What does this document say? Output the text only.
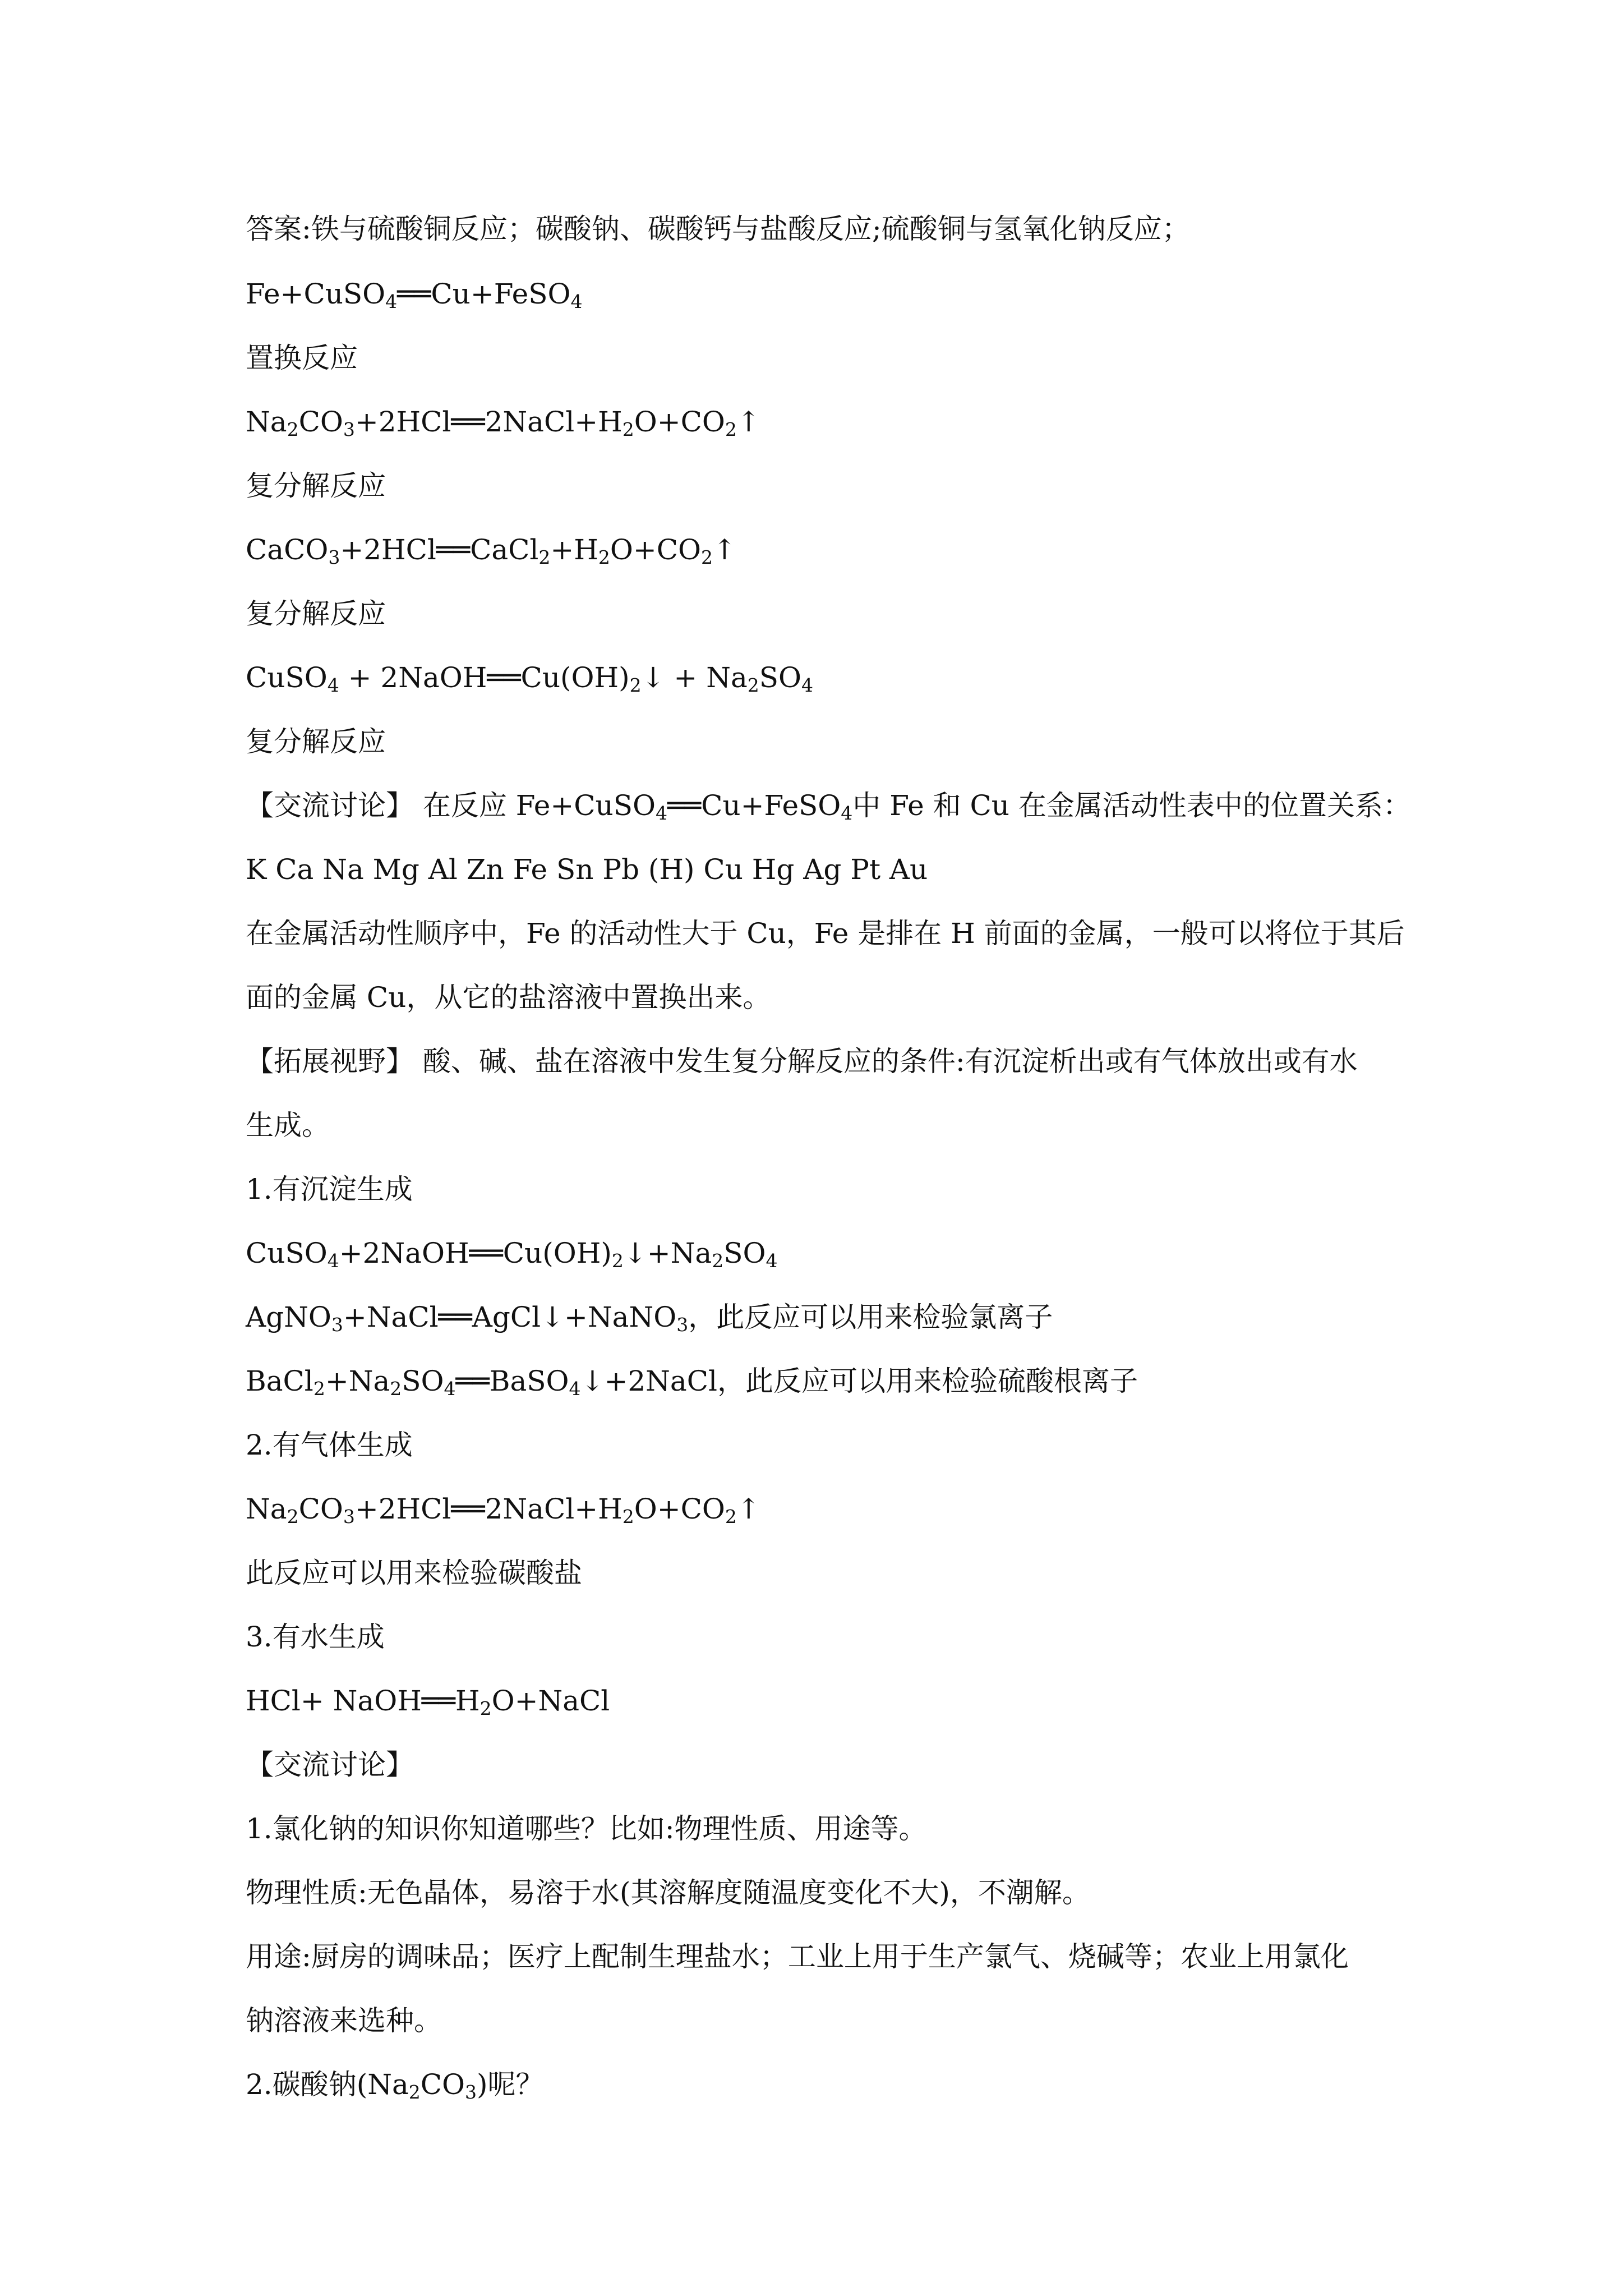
答案:铁与硫酸铜反应；碳酸钠、碳酸钙与盐酸反应;硫酸铜与氢氧化钠反应；
Fe+CuSO$_4$══Cu+FeSO$_4$
置换反应
$Na_2CO_3+2HCl══2NaCl+H_2O+CO_2↑$
复分解反应
$CaCO_3+2HCl══CaCl_2+H_2O+CO_2↑$
复分解反应
CuSO$_4$ + $2NaOH══Cu(OH)_2↓ + Na_2SO_4$
复分解反应
【交流讨论】 在反应 Fe+CuSO$_4$══Cu+FeSO$_4$中 Fe 和 Cu 在金属活动性表中的位置关系：
K Ca Na Mg Al Zn Fe Sn Pb (H) Cu Hg Ag Pt Au
在金属活动性顺序中，Fe 的活动性大于 Cu，Fe 是排在 H 前面的金属，一般可以将位于其后
面的金属 Cu，从它的盐溶液中置换出来。
【拓展视野】 酸、碱、盐在溶液中发生复分解反应的条件:有沉淀析出或有气体放出或有水
生成。
1.有沉淀生成
$CuSO_4+2NaOH══Cu(OH)_2↓+Na_2SO_4$
AgNO$_3$+NaCl══AgCl↓+NaNO$_3$，此反应可以用来检验氯离子
$BaCl_2+Na_2SO_4══BaSO_4↓+2NaCl$，此反应可以用来检验硫酸根离子
2.有气体生成
$Na_2CO_3+2HCl══2NaCl+H_2O+CO_2↑$
此反应可以用来检验碳酸盐
3.有水生成
$HCl+ NaOH══H_2O+NaCl$
【交流讨论】
1.氯化钠的知识你知道哪些？比如:物理性质、用途等。
物理性质:无色晶体，易溶于水(其溶解度随温度变化不大)，不潮解。
用途:厨房的调味品；医疗上配制生理盐水；工业上用于生产氯气、烧碱等；农业上用氯化
钠溶液来选种。
2.碳酸钠$(Na_2CO_3)$呢？
